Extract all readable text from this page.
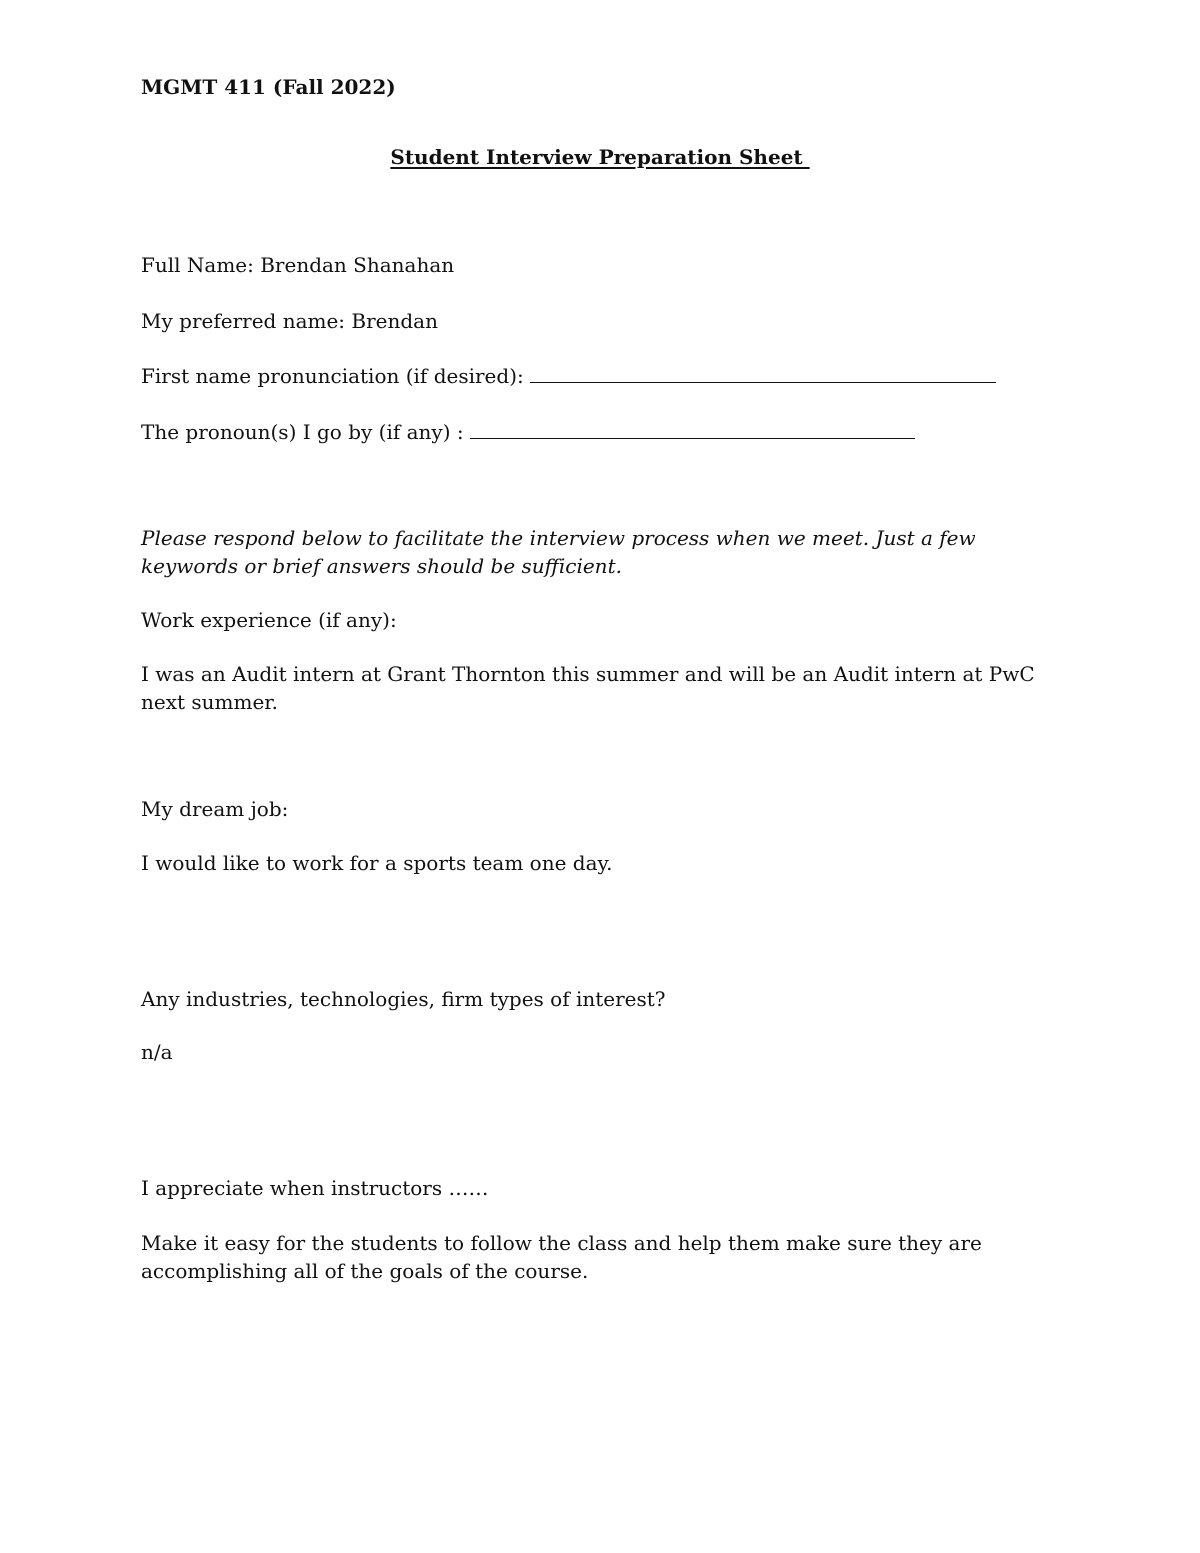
MGMT 411 (Fall 2022)
Student Interview Preparation Sheet
Full Name: Brendan Shanahan
My preferred name: Brendan
First name pronunciation (if desired):
The pronoun(s) I go by (if any) :
Please respond below to facilitate the interview process when we meet. Just a few keywords or brief answers should be sufficient.
Work experience (if any):
I was an Audit intern at Grant Thornton this summer and will be an Audit intern at PwC next summer.
My dream job:
I would like to work for a sports team one day.
Any industries, technologies, firm types of interest?
n/a
I appreciate when instructors ……
Make it easy for the students to follow the class and help them make sure they are accomplishing all of the goals of the course.
